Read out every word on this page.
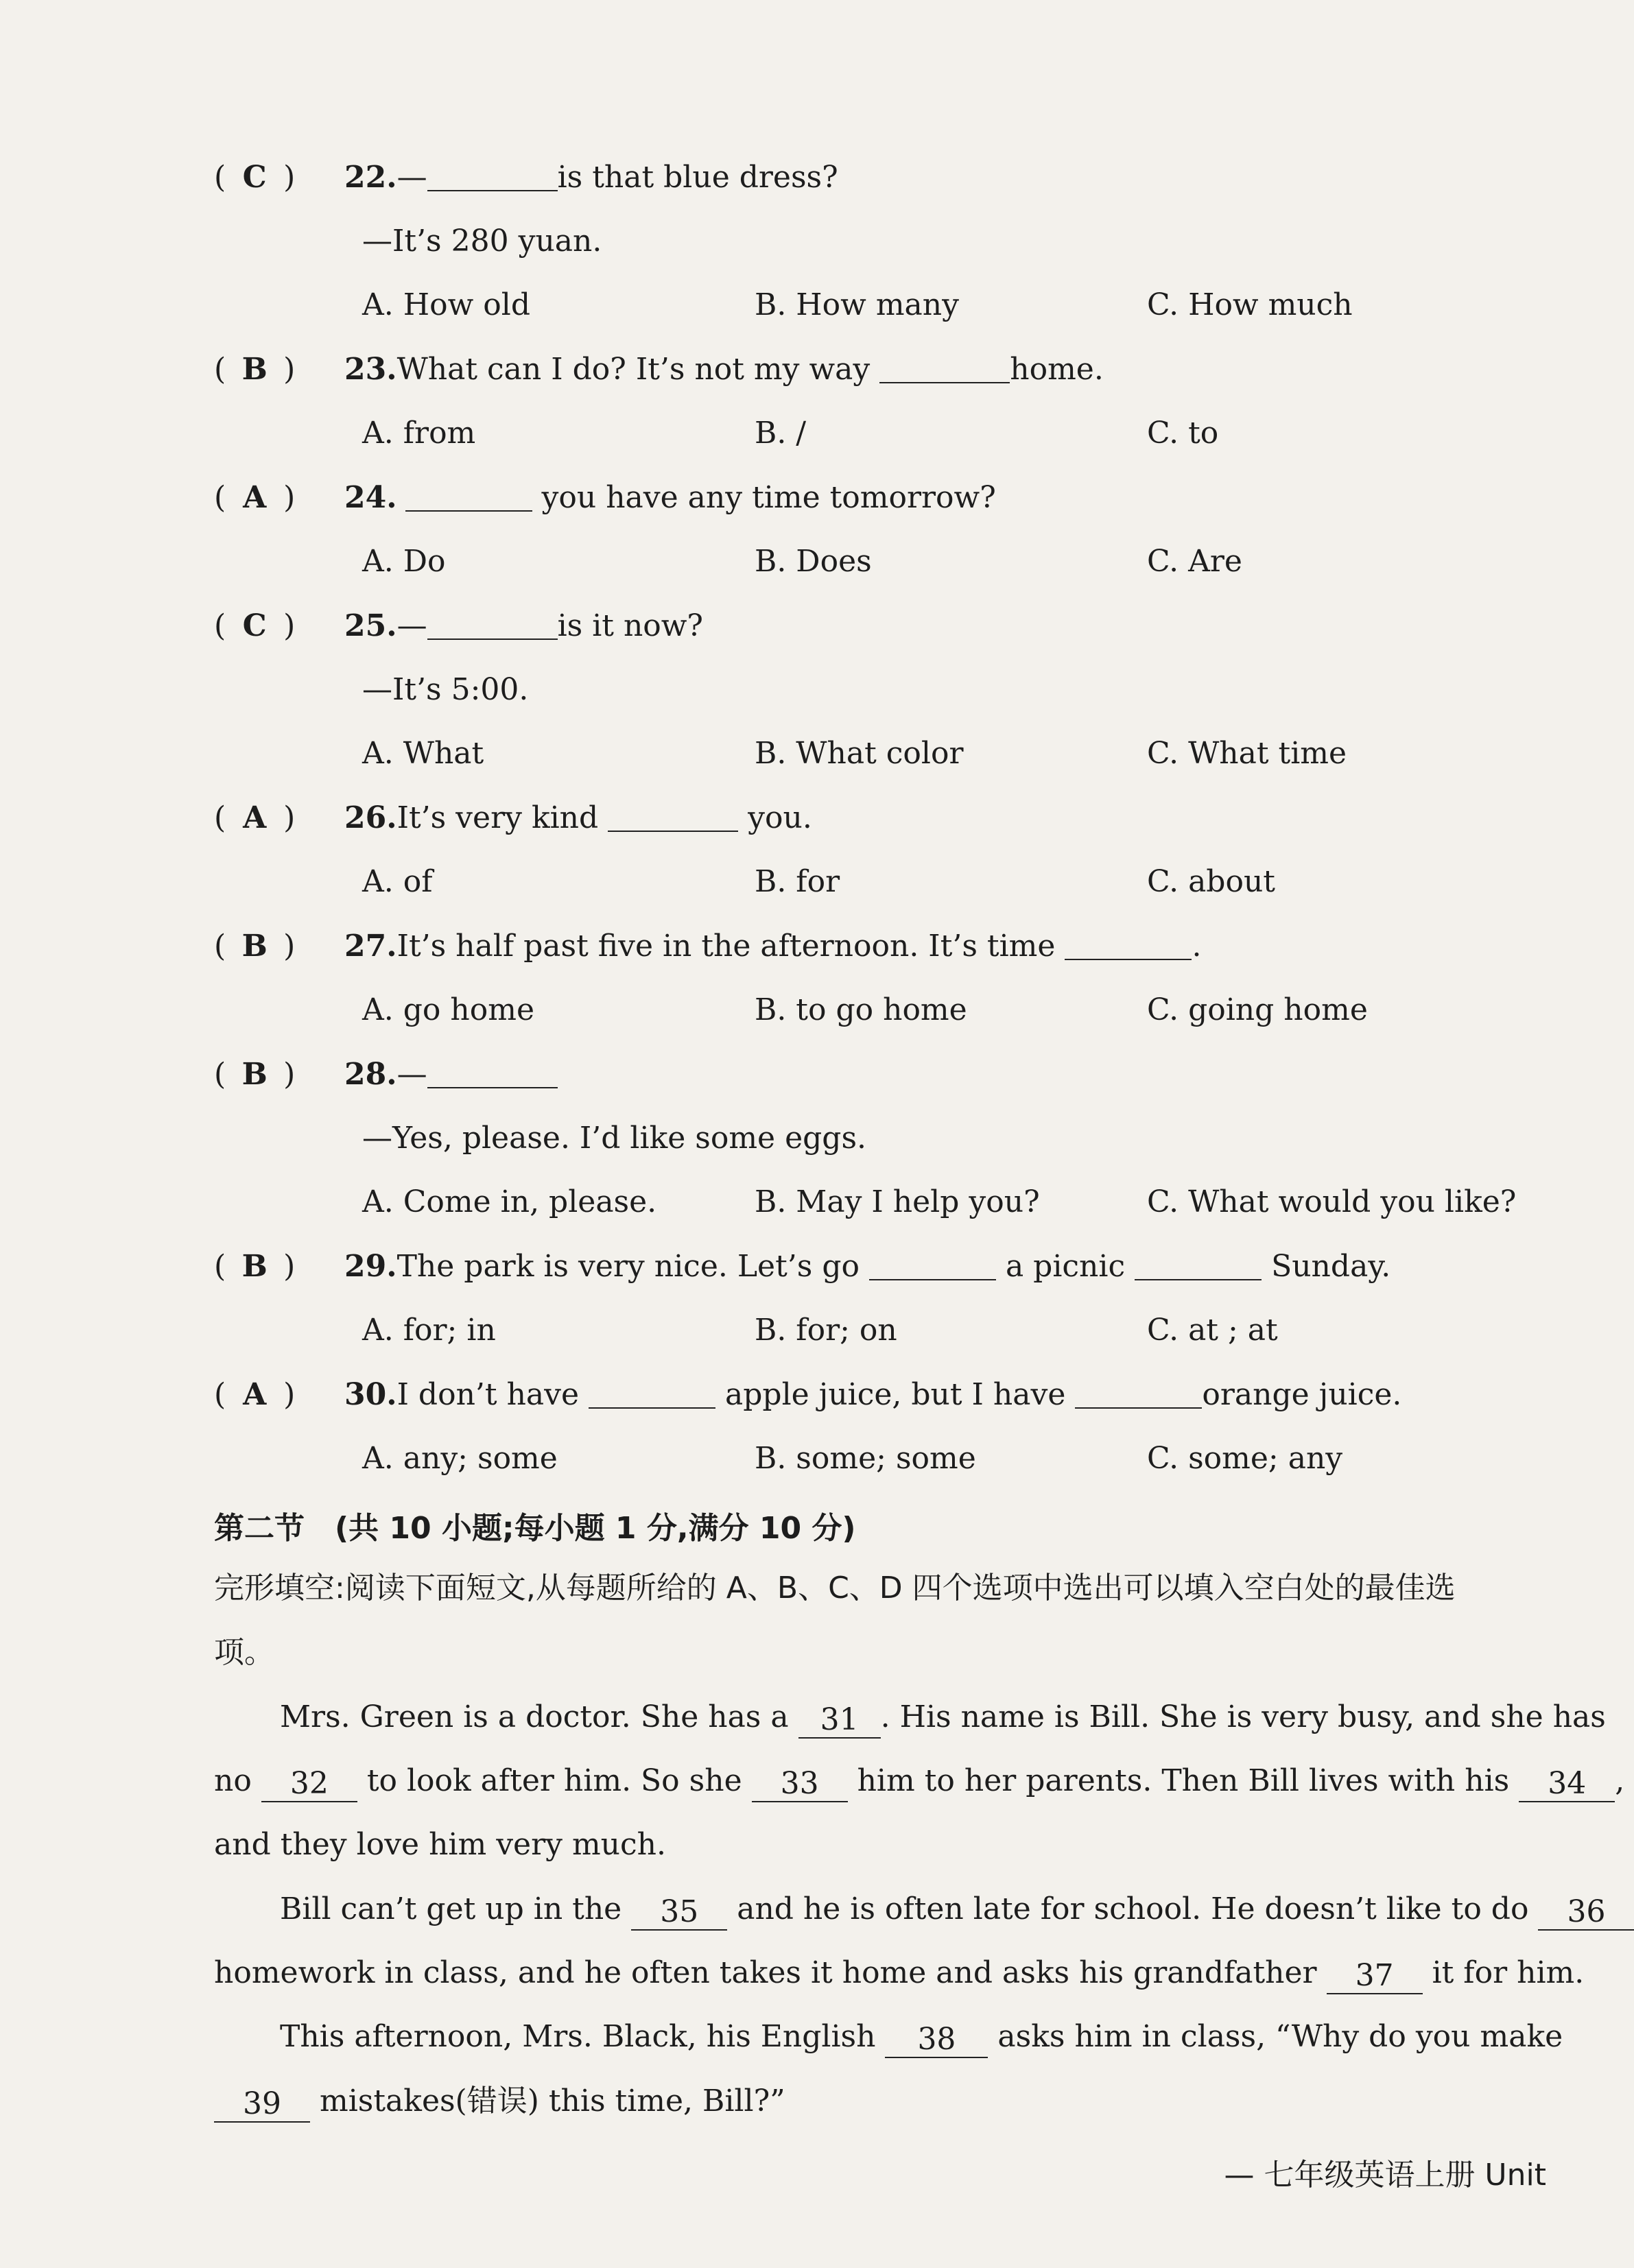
( C ) 22.—	is that blue dress?
—It’s 280 yuan.
A. How old	B. How many	C. How much
( B ) 23.What can I do? It’s not my way	home.
A. from	B. /	C. to
( A ) 24.	you have any time tomorrow?
A. Do	B. Does	C. Are
( C ) 25.—	is it now?
—It’s 5:00.
A. What	B. What color	C. What time
( A ) 26.It’s very kind	you.
A. of	B. for	C. about
( B ) 27.It’s half past five in the afternoon. It’s time	.
A. go home	B. to go home	C. going home
( B ) 28.—
—Yes, please. I’d like some eggs.
A. Come in, please.	B. May I help you?	C. What would you like?
( B ) 29.The park is very nice. Let’s go	a picnic	Sunday.
A. for; in	B. for; on	C. at ; at
( A ) 30.I don’t have	apple juice, but I have	orange juice.
A. any; some	B. some; some	C. some; any
第二节　(共 10 小题;每小题 1 分,满分 10 分)
完形填空:阅读下面短文,从每题所给的 A、B、C、D 四个选项中选出可以填入空白处的最佳选
项。
Mrs. Green is a doctor. She has a 31 . His name is Bill. She is very busy, and she has
no 32 to look after him. So she 33 him to her parents. Then Bill lives with his 34 ,
and they love him very much.
Bill can’t get up in the 35 and he is often late for school. He doesn’t like to do 36
homework in class, and he often takes it home and asks his grandfather 37 it for him.
This afternoon, Mrs. Black, his English 38 asks him in class, “Why do you make
39 mistakes(错误) this time, Bill?”
— 七年级英语上册 Unit
